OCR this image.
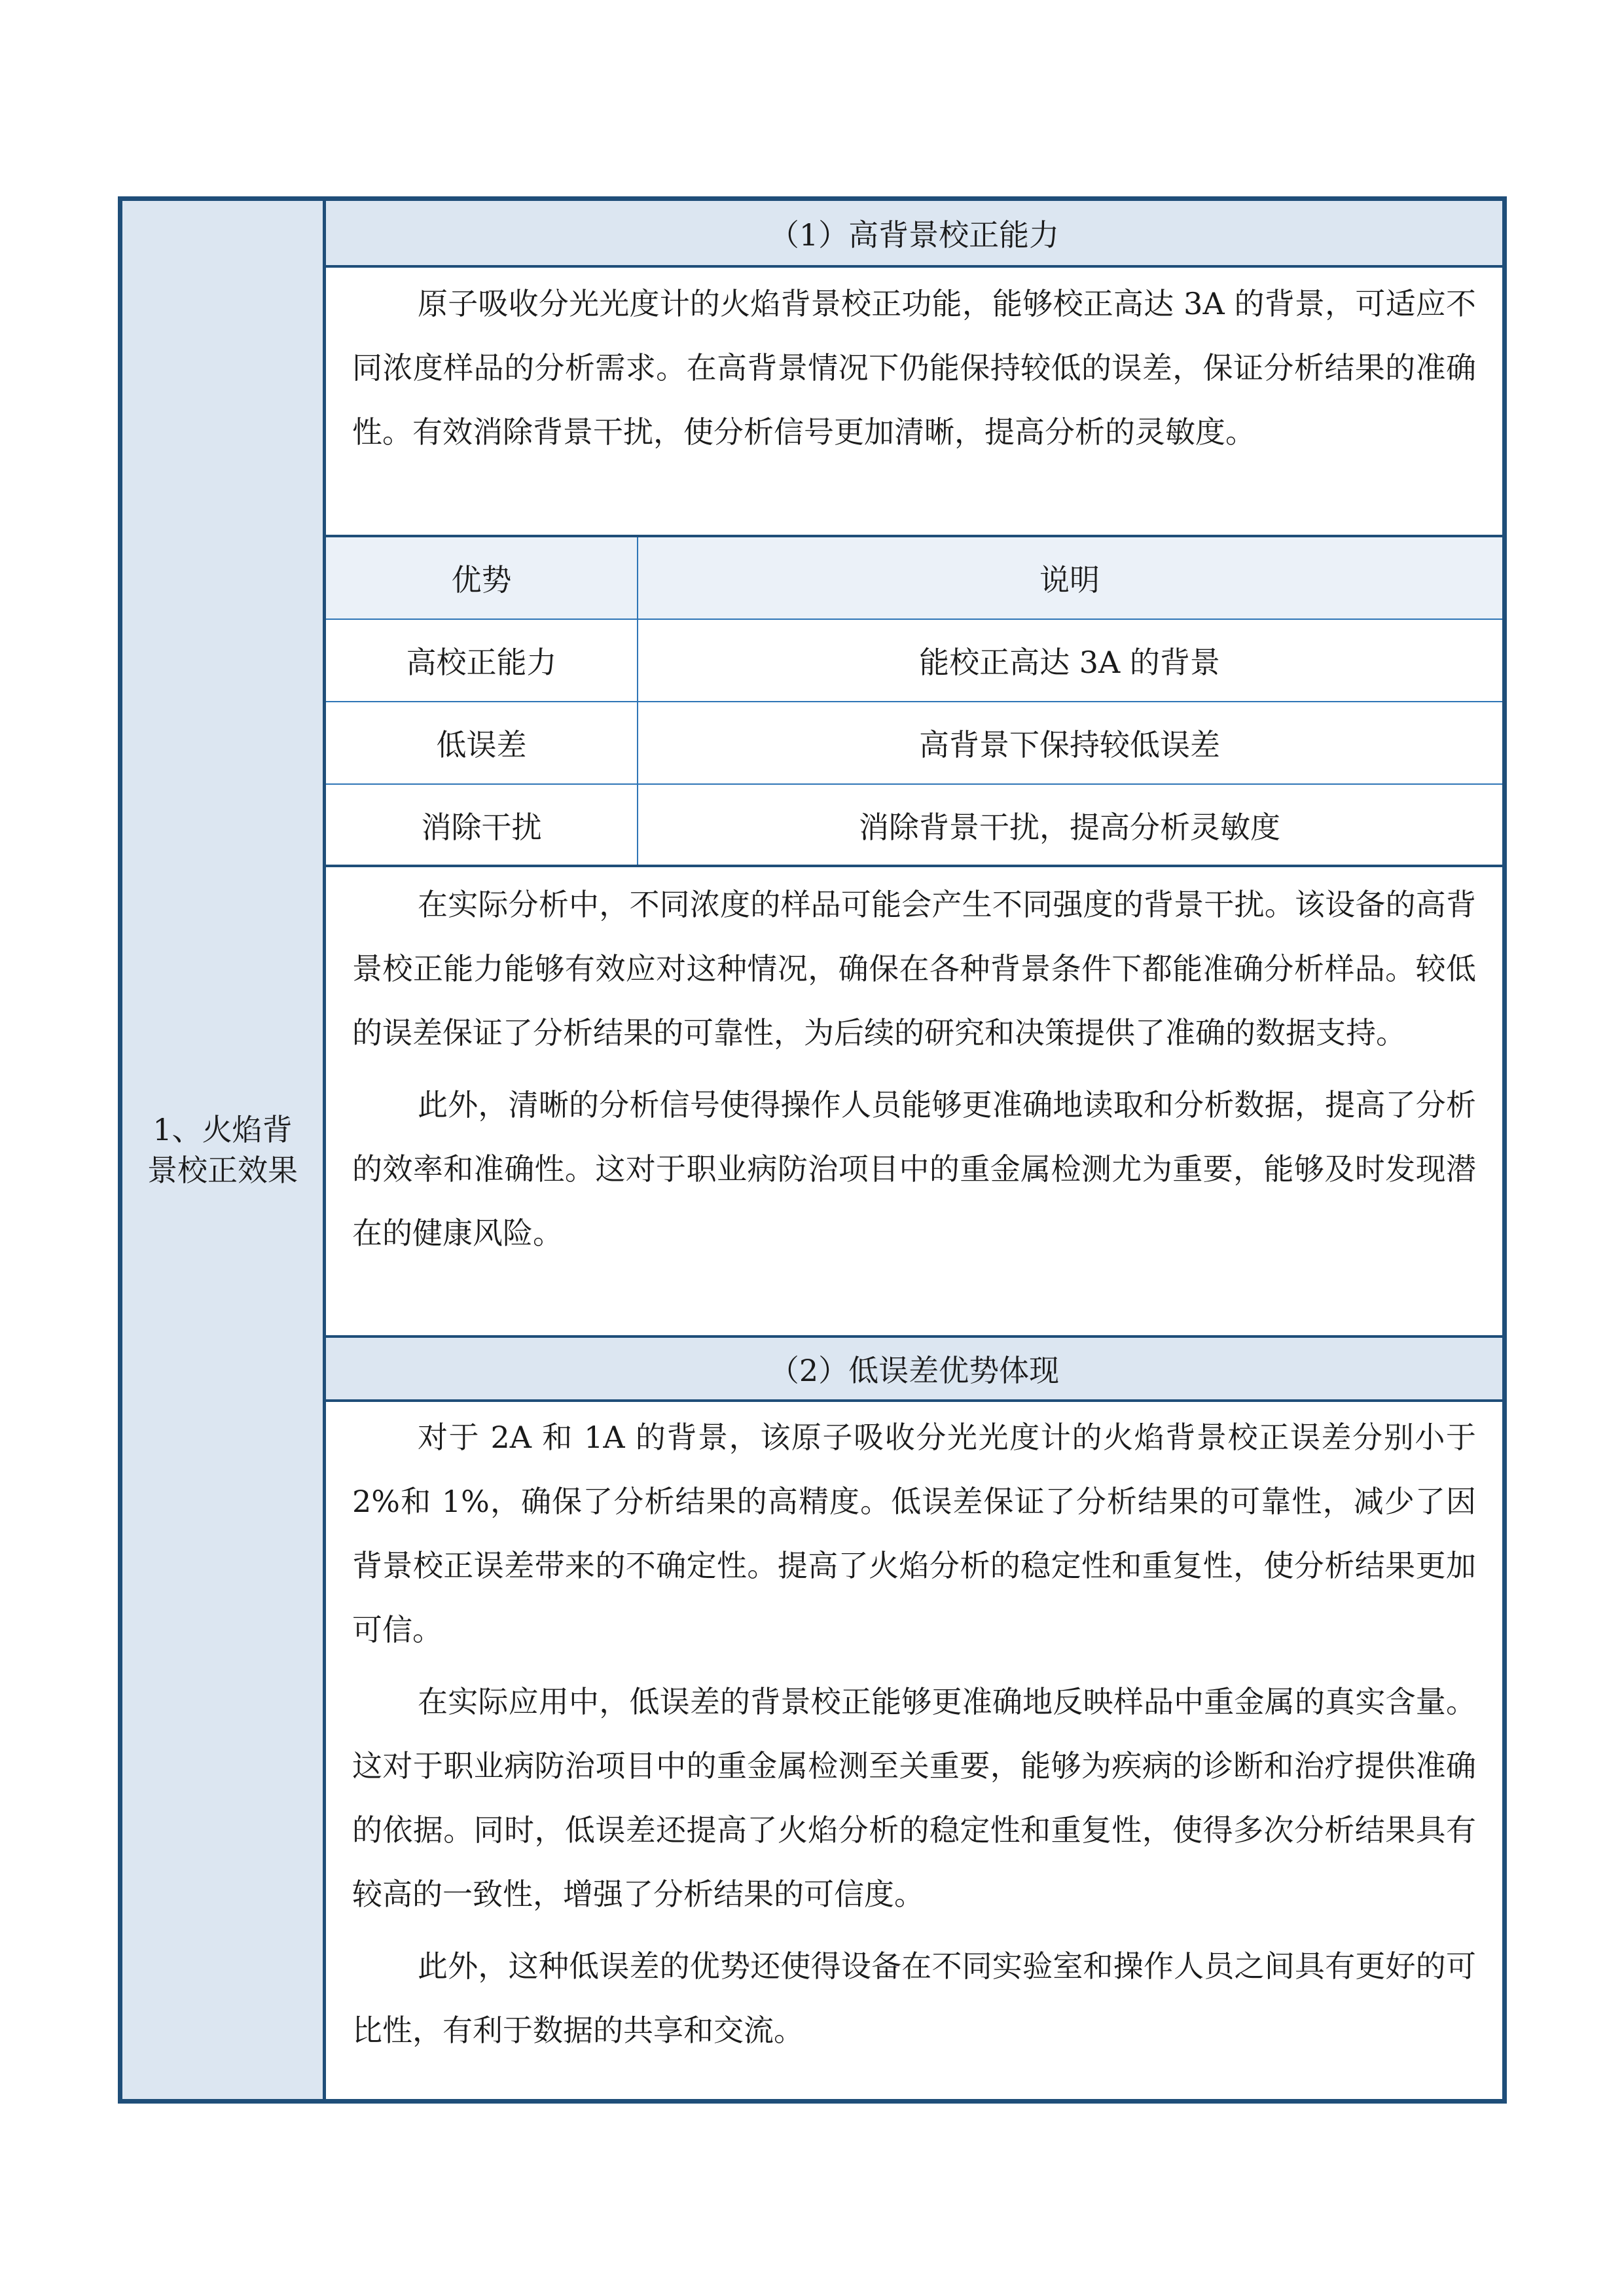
1、火焰背景校正效果
（1）高背景校正能力

原子吸收分光光度计的火焰背景校正功能，能够校正高达 3A 的背景，可适应不同浓度样品的分析需求。在高背景情况下仍能保持较低的误差，保证分析结果的准确性。有效消除背景干扰，使分析信号更加清晰，提高分析的灵敏度。

优势	说明
高校正能力	能校正高达 3A 的背景
低误差	高背景下保持较低误差
消除干扰	消除背景干扰，提高分析灵敏度

在实际分析中，不同浓度的样品可能会产生不同强度的背景干扰。该设备的高背景校正能力能够有效应对这种情况，确保在各种背景条件下都能准确分析样品。较低的误差保证了分析结果的可靠性，为后续的研究和决策提供了准确的数据支持。

此外，清晰的分析信号使得操作人员能够更准确地读取和分析数据，提高了分析的效率和准确性。这对于职业病防治项目中的重金属检测尤为重要，能够及时发现潜在的健康风险。

（2）低误差优势体现

对于 2A 和 1A 的背景，该原子吸收分光光度计的火焰背景校正误差分别小于 2%和 1%，确保了分析结果的高精度。低误差保证了分析结果的可靠性，减少了因背景校正误差带来的不确定性。提高了火焰分析的稳定性和重复性，使分析结果更加可信。

在实际应用中，低误差的背景校正能够更准确地反映样品中重金属的真实含量。这对于职业病防治项目中的重金属检测至关重要，能够为疾病的诊断和治疗提供准确的依据。同时，低误差还提高了火焰分析的稳定性和重复性，使得多次分析结果具有较高的一致性，增强了分析结果的可信度。

此外，这种低误差的优势还使得设备在不同实验室和操作人员之间具有更好的可比性，有利于数据的共享和交流。
